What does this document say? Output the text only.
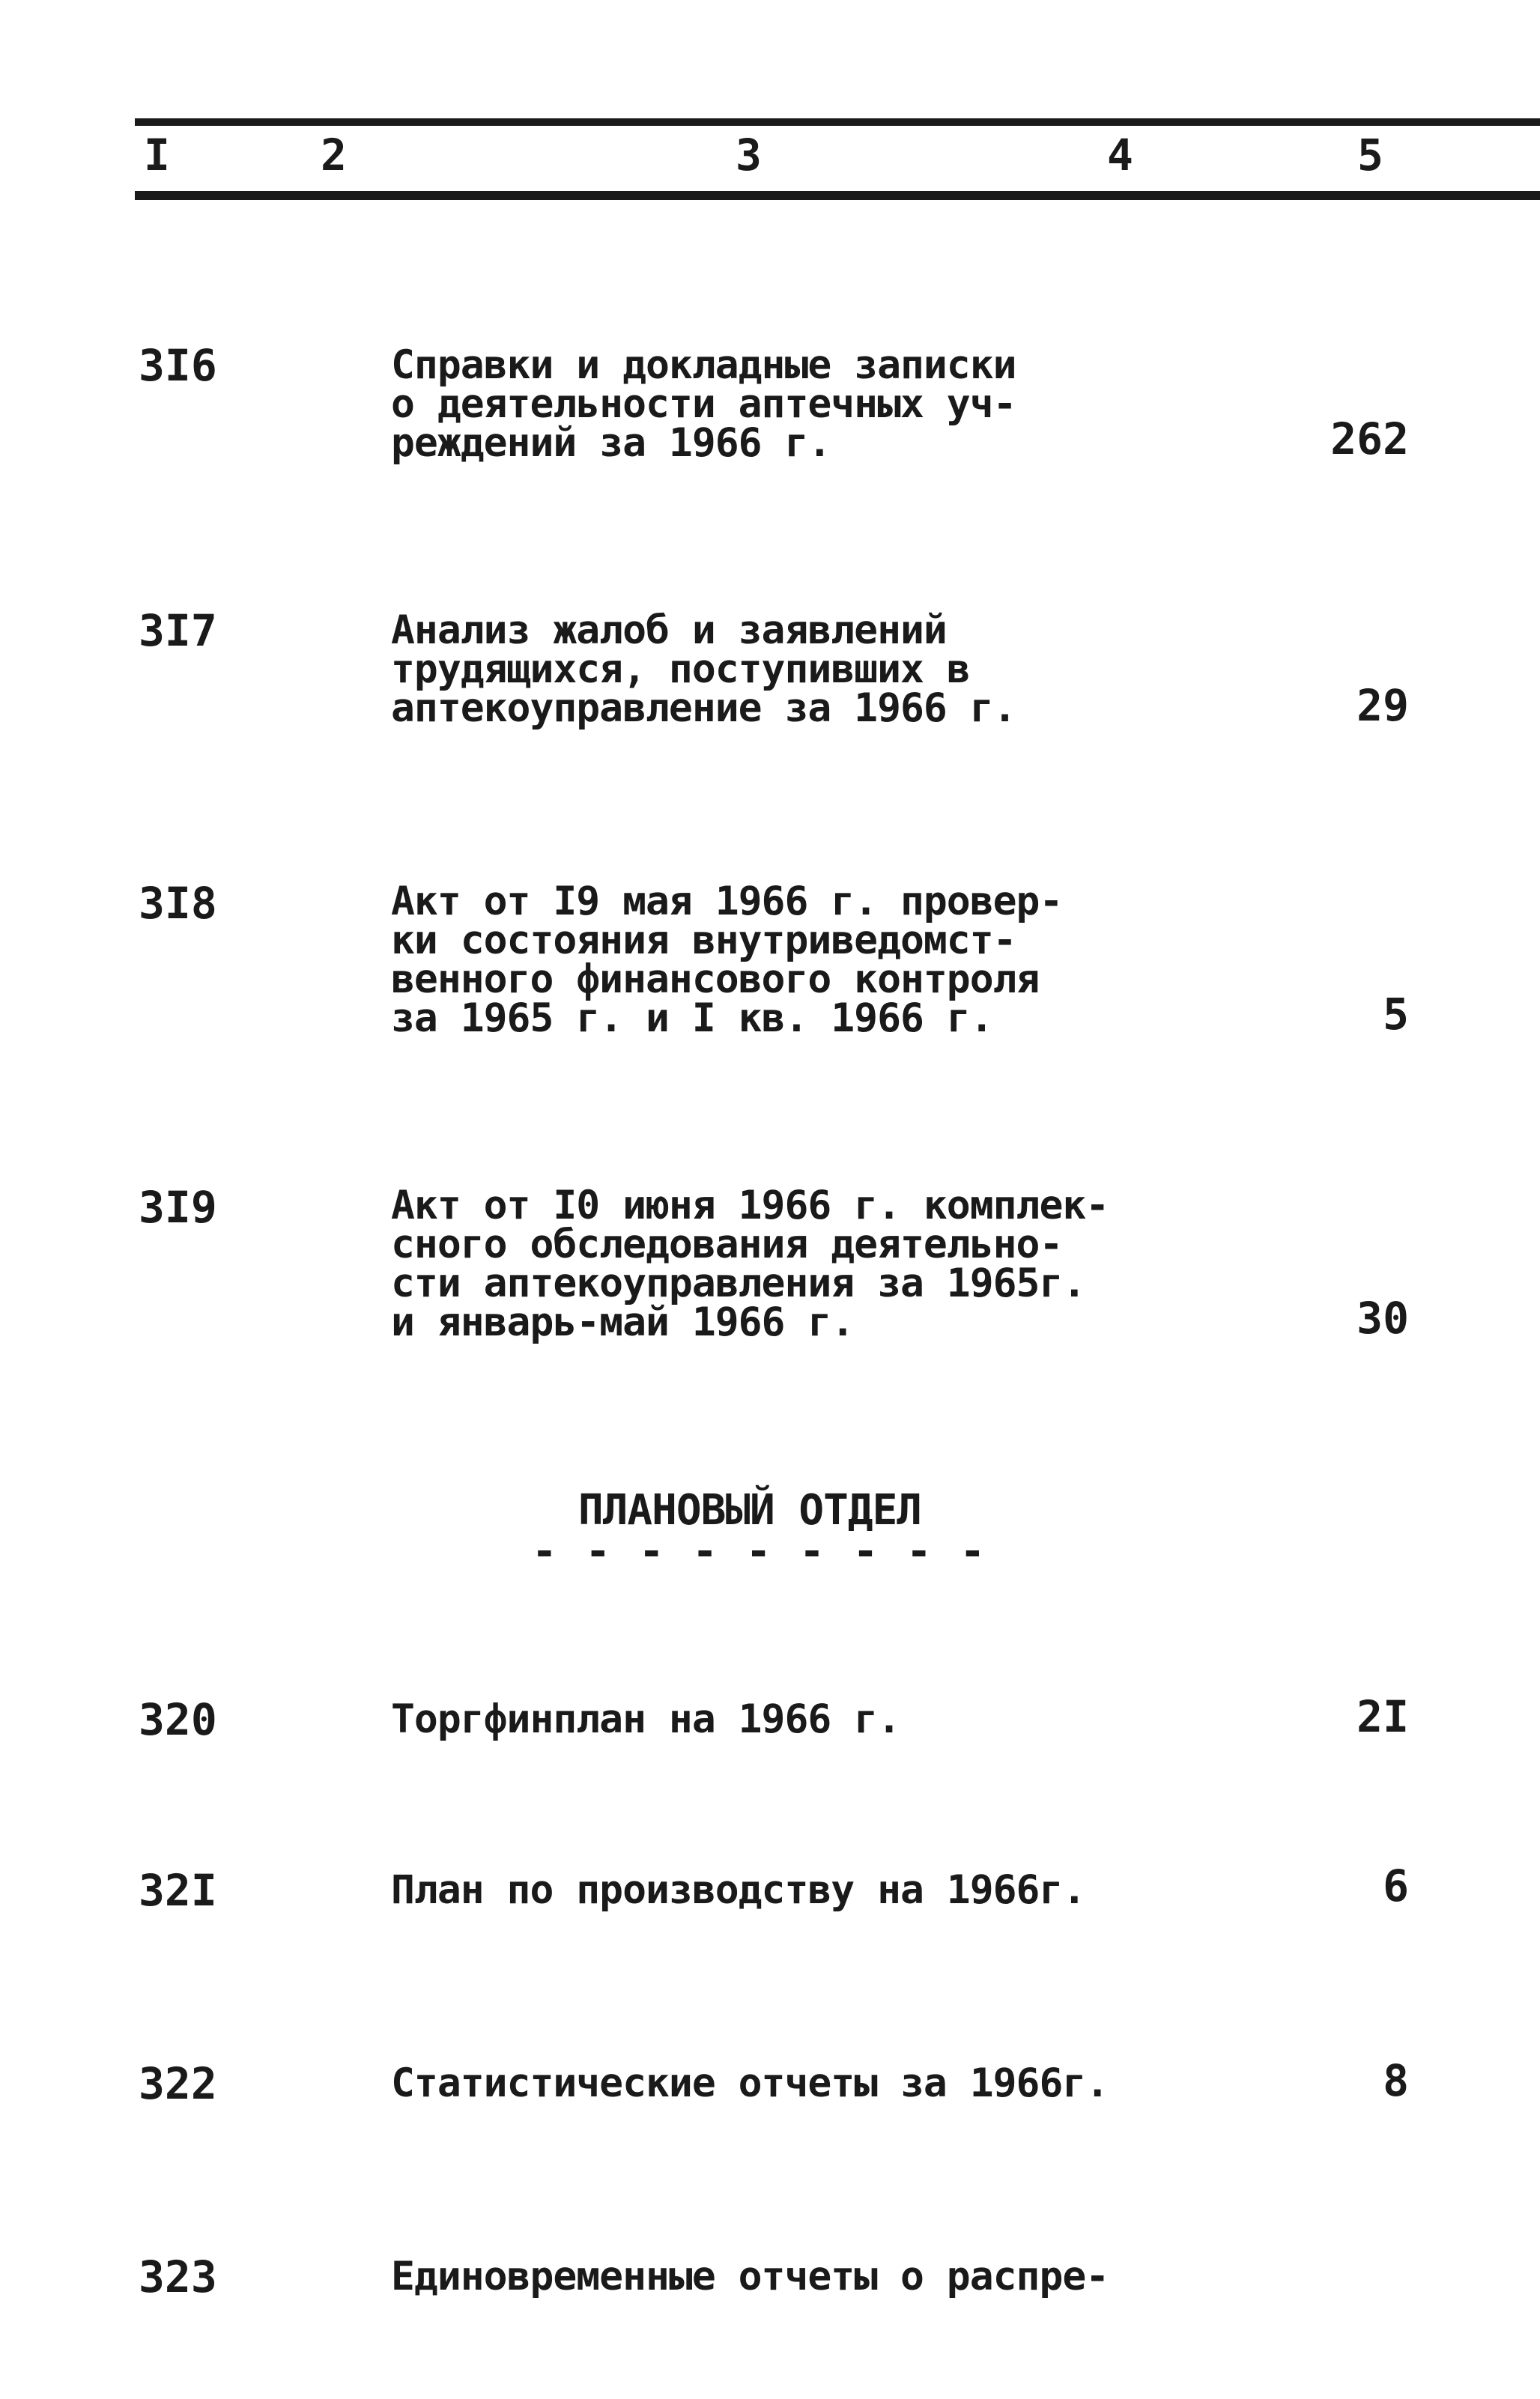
I	2	3	4	5
3I6	Справки и докладные записки
о деятельности аптечных уч-
реждений за 1966 г.	262
3I7	Анализ жалоб и заявлений
трудящихся, поступивших в
аптекоуправление за 1966 г.	29
3I8	Акт от I9 мая 1966 г. провер-
ки состояния внутриведомст-
венного финансового контроля
за 1965 г. и I кв. 1966 г.	5
3I9	Акт от I0 июня 1966 г. комплек-
сного обследования деятельно-
сти аптекоуправления за 1965г.
и январь-май 1966 г.	30
ПЛАНОВЫЙ ОТДЕЛ
- - - - - - - - -
320	Торгфинплан на 1966 г.	2I
32I	План по производству на 1966г.	6
322	Статистические отчеты за 1966г.	8
323	Единовременные отчеты о распре-
